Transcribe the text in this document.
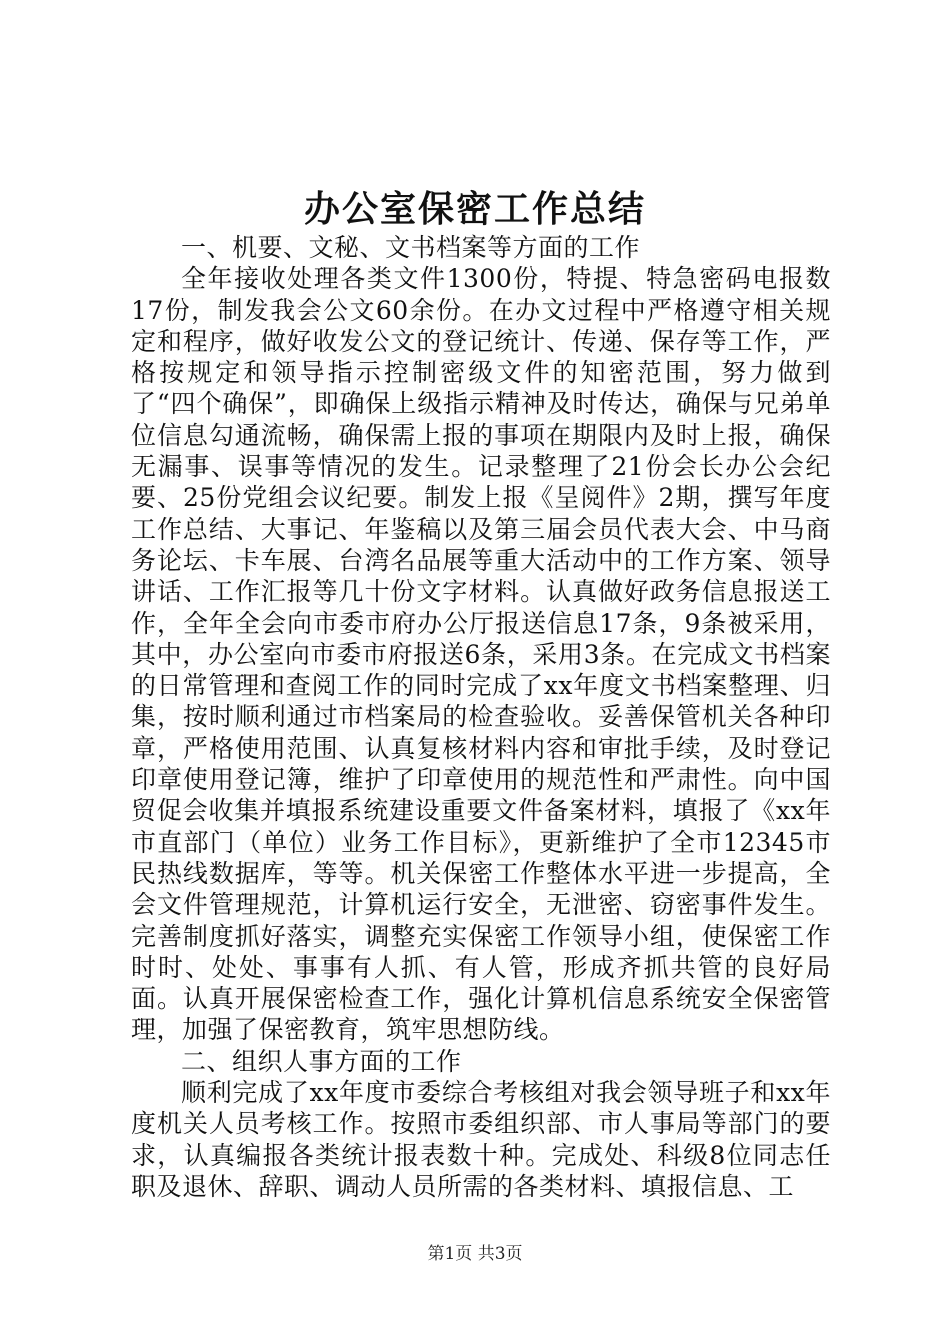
办公室保密工作总结

一、机要、文秘、文书档案等方面的工作

全年接收处理各类文件1300份，特提、特急密码电报数17份，制发我会公文60余份。在办文过程中严格遵守相关规定和程序，做好收发公文的登记统计、传递、保存等工作，严格按规定和领导指示控制密级文件的知密范围，努力做到了“四个确保”，即确保上级指示精神及时传达，确保与兄弟单位信息勾通流畅，确保需上报的事项在期限内及时上报，确保无漏事、误事等情况的发生。记录整理了21份会长办公会纪要、25份党组会议纪要。制发上报《呈阅件》2期，撰写年度工作总结、大事记、年鉴稿以及第三届会员代表大会、中马商务论坛、卡车展、台湾名品展等重大活动中的工作方案、领导讲话、工作汇报等几十份文字材料。认真做好政务信息报送工作，全年全会向市委市府办公厅报送信息17条，9条被采用，其中，办公室向市委市府报送6条，采用3条。在完成文书档案的日常管理和查阅工作的同时完成了xx年度文书档案整理、归集，按时顺利通过市档案局的检查验收。妥善保管机关各种印章，严格使用范围、认真复核材料内容和审批手续，及时登记印章使用登记簿，维护了印章使用的规范性和严肃性。向中国贸促会收集并填报系统建设重要文件备案材料，填报了《xx年市直部门（单位）业务工作目标》，更新维护了全市12345市民热线数据库，等等。机关保密工作整体水平进一步提高，全会文件管理规范，计算机运行安全，无泄密、窃密事件发生。完善制度抓好落实，调整充实保密工作领导小组，使保密工作时时、处处、事事有人抓、有人管，形成齐抓共管的良好局面。认真开展保密检查工作，强化计算机信息系统安全保密管理，加强了保密教育，筑牢思想防线。

二、组织人事方面的工作

顺利完成了xx年度市委综合考核组对我会领导班子和xx年度机关人员考核工作。按照市委组织部、市人事局等部门的要求，认真编报各类统计报表数十种。完成处、科级8位同志任职及退休、辞职、调动人员所需的各类材料、填报信息、工

第1页 共3页
